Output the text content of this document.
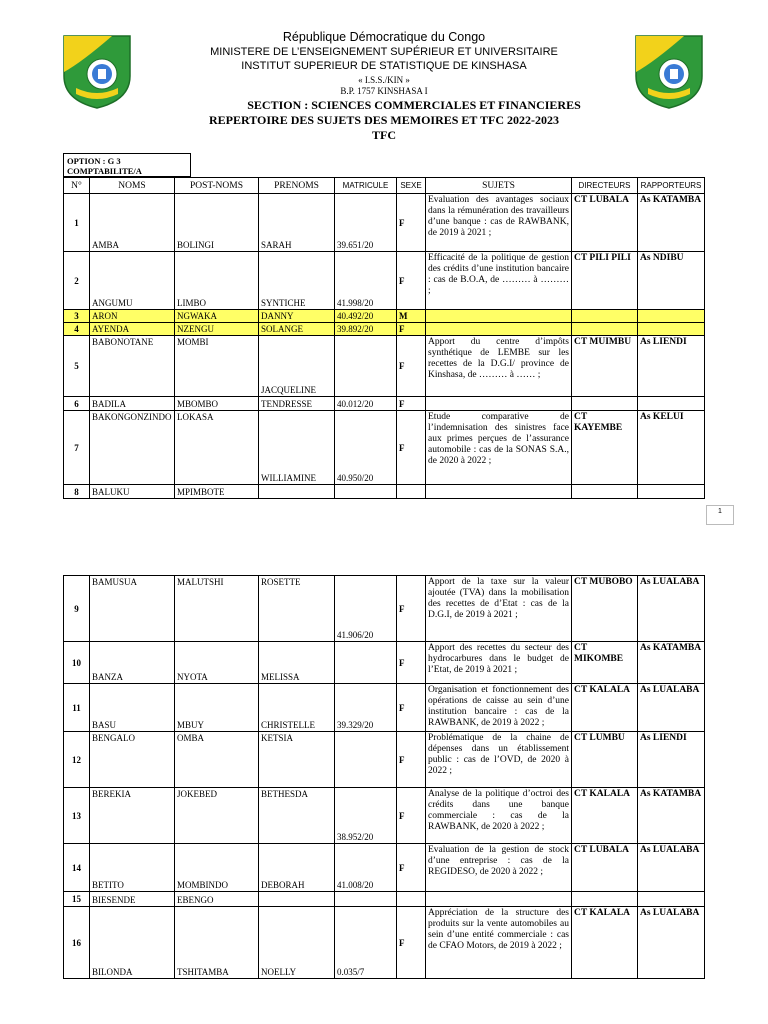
République Démocratique du Congo
MINISTERE DE L’ENSEIGNEMENT SUPÉRIEUR ET UNIVERSITAIRE
INSTITUT SUPERIEUR DE STATISTIQUE DE KINSHASA
« I.S.S./KIN »
B.P. 1757 KINSHASA I
SECTION : SCIENCES COMMERCIALES ET FINANCIERES
REPERTOIRE DES SUJETS DES MEMOIRES ET TFC 2022-2023
TFC
OPTION : G 3
COMPTABILITE/A
N°	NOMS	POST-NOMS	PRENOMS	MATRICULE	SEXE	SUJETS	DIRECTEURS	RAPPORTEURS
1	AMBA	BOLINGI	SARAH	39.651/20	F	Evaluation des avantages sociaux dans la rémunération des travailleurs d’une banque : cas de RAWBANK, de 2019 à 2021 ;	CT LUBALA	As KATAMBA
2	ANGUMU	LIMBO	SYNTICHE	41.998/20	F	Efficacité de la politique de gestion des crédits d’une institution bancaire : cas de B.O.A, de ……… à ……… ;	CT PILI PILI	As NDIBU
3	ARON	NGWAKA	DANNY	40.492/20	M			
4	AYENDA	NZENGU	SOLANGE	39.892/20	F			
5	BABONOTANE	MOMBI	JACQUELINE		F	Apport du centre d’impôts synthétique de LEMBE sur les recettes de la D.G.I/ province de Kinshasa, de ……… à …… ;	CT MUIMBU	As LIENDI
6	BADILA	MBOMBO	TENDRESSE	40.012/20	F			
7	BAKONGONZINDO	LOKASA	WILLIAMINE	40.950/20	F	Etude comparative de l’indemnisation des sinistres face aux primes perçues de l’assurance automobile : cas de la SONAS S.A., de 2020 à 2022 ;	CT KAYEMBE	As KELUI
8	BALUKU	MPIMBOTE						
1
9	BAMUSUA	MALUTSHI	ROSETTE	41.906/20	F	Apport de la taxe sur la valeur ajoutée (TVA) dans la mobilisation des recettes de d’Etat : cas de la D.G.I, de 2019 à 2021 ;	CT MUBOBO	As LUALABA
10	BANZA	NYOTA	MELISSA		F	Apport des recettes du secteur des hydrocarbures dans le budget de l’Etat, de 2019 à 2021 ;	CT MIKOMBE	As KATAMBA
11	BASU	MBUY	CHRISTELLE	39.329/20	F	Organisation et fonctionnement des opérations de caisse au sein d’une institution bancaire : cas de la RAWBANK, de 2019 à 2022 ;	CT KALALA	As LUALABA
12	BENGALO	OMBA	KETSIA		F	Problématique de la chaine de dépenses dans un établissement public : cas de l’OVD, de 2020 à 2022 ;	CT LUMBU	As LIENDI
13	BEREKIA	JOKEBED	BETHESDA	38.952/20	F	Analyse de la politique d’octroi des crédits dans une banque commerciale : cas de la RAWBANK, de 2020 à 2022 ;	CT KALALA	As KATAMBA
14	BETITO	MOMBINDO	DEBORAH	41.008/20	F	Evaluation de la gestion de stock d’une entreprise : cas de la REGIDESO, de 2020 à 2022 ;	CT LUBALA	As LUALABA
15	BIESENDE	EBENGO						
16	BILONDA	TSHITAMBA	NOELLY	0.035/7	F	Appréciation de la structure des produits sur la vente automobiles au sein d’une entité commerciale : cas de CFAO Motors, de 2019 à 2022 ;	CT KALALA	As LUALABA
